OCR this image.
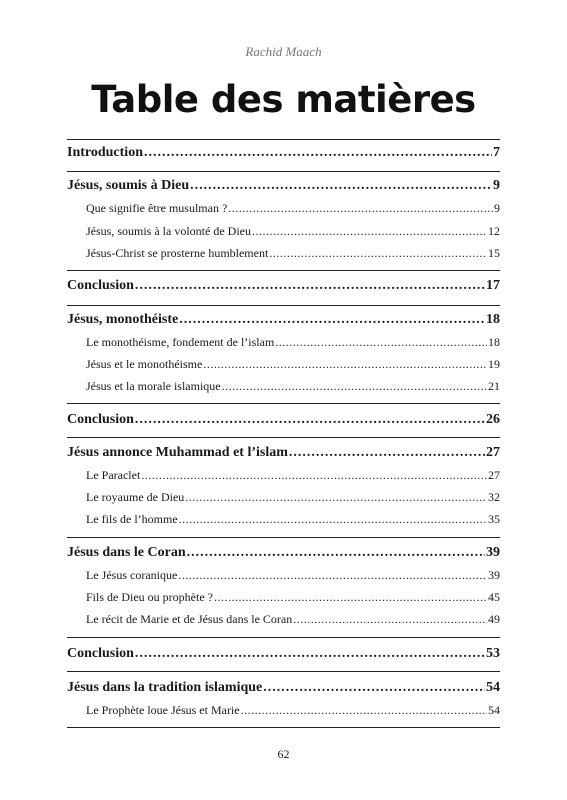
Rachid Maach
Table des matières
Introduction .....	7
Jésus, soumis à Dieu .....	9
Que signifie être musulman ? .....	9
Jésus, soumis à la volonté de Dieu .....	12
Jésus-Christ se prosterne humblement .....	15
Conclusion .....	17
Jésus, monothéiste .....	18
Le monothéisme, fondement de l’islam .....	18
Jésus et le monothéisme .....	19
Jésus et la morale islamique .....	21
Conclusion .....	26
Jésus annonce Muhammad et l’islam .....	27
Le Paraclet .....	27
Le royaume de Dieu .....	32
Le fils de l’homme .....	35
Jésus dans le Coran .....	39
Le Jésus coranique .....	39
Fils de Dieu ou prophète ? .....	45
Le récit de Marie et de Jésus dans le Coran .....	49
Conclusion .....	53
Jésus dans la tradition islamique .....	54
Le Prophète loue Jésus et Marie .....	54
62
